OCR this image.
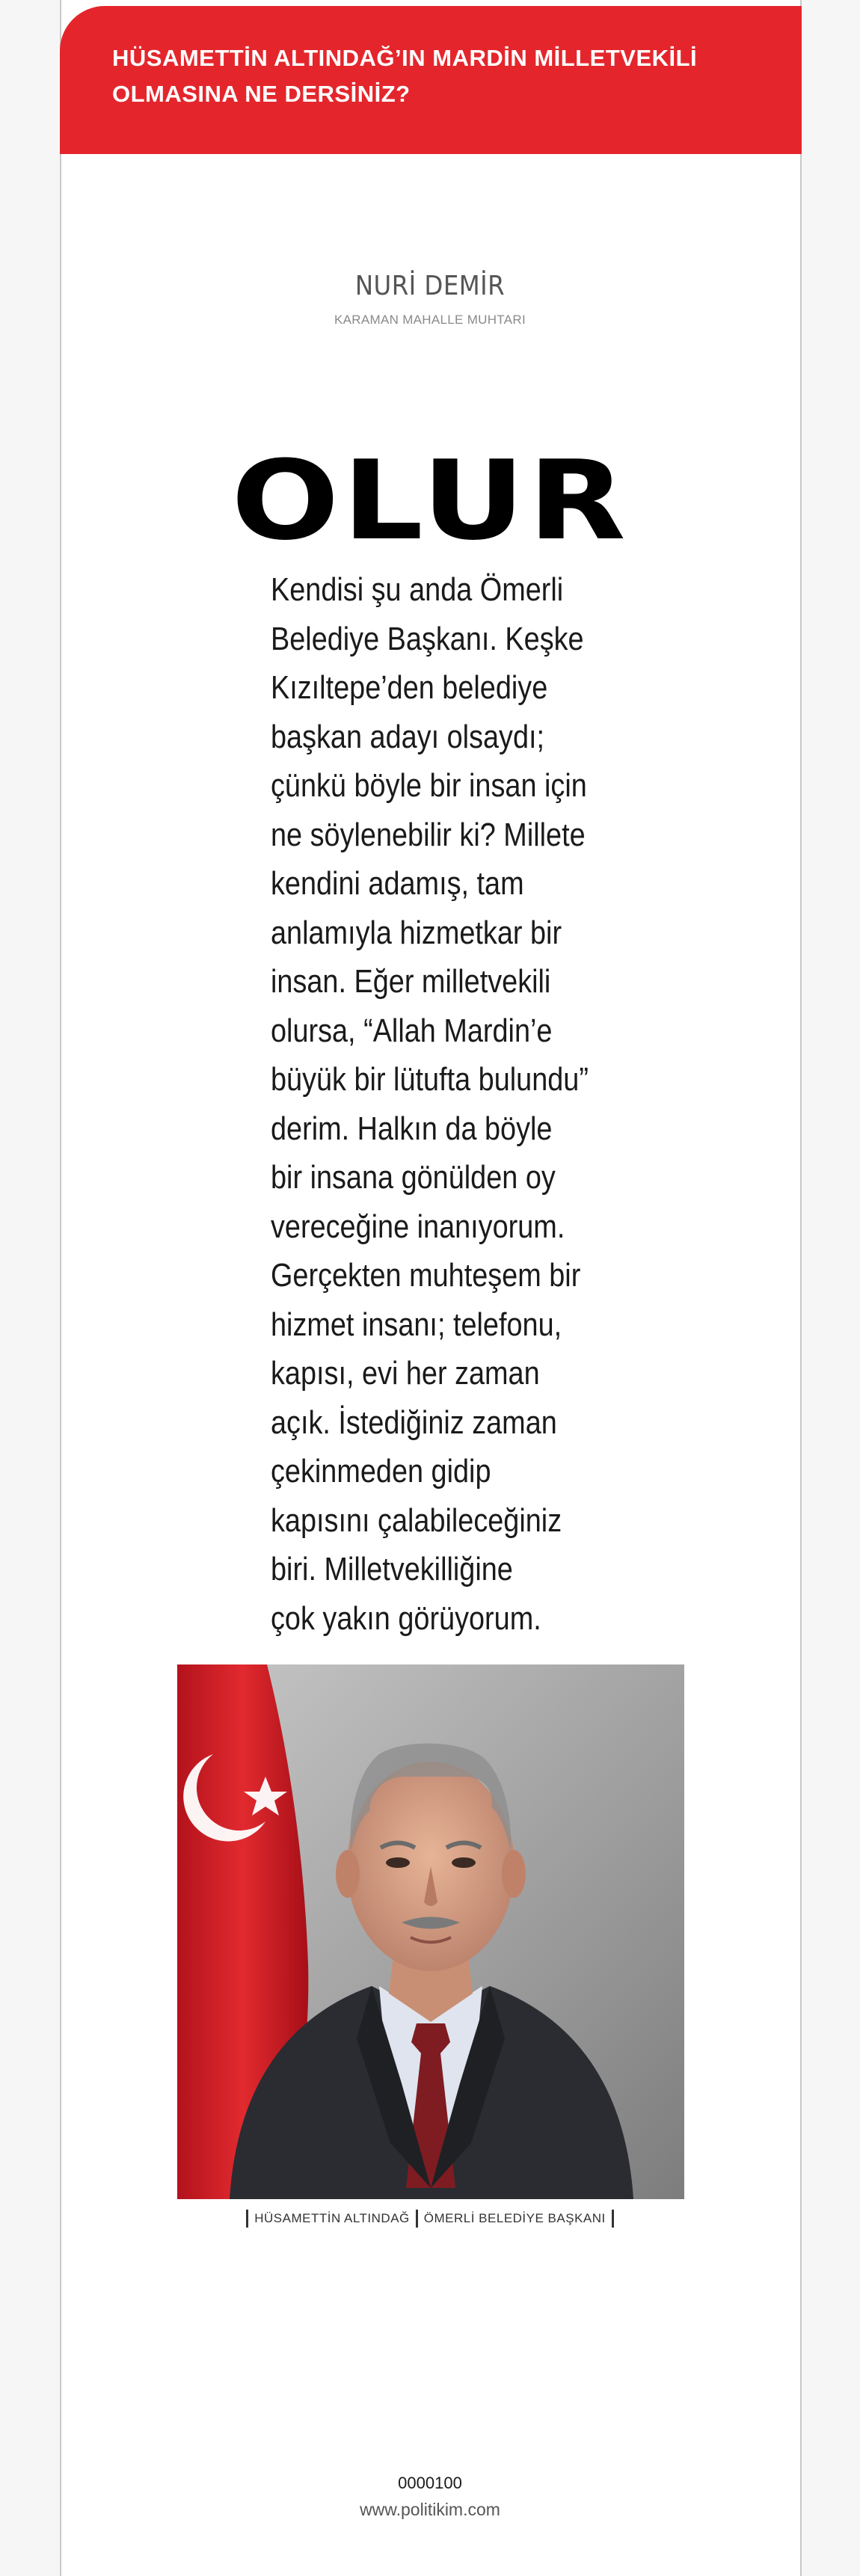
HÜSAMETTİN ALTINDAĞ’IN MARDİN MİLLETVEKİLİ OLMASINA NE DERSİNİZ?
NURİ DEMİR
KARAMAN MAHALLE MUHTARI
OLUR

Kendisi şu anda Ömerli
Belediye Başkanı. Keşke
Kızıltepe’den belediye
başkan adayı olsaydı;
çünkü böyle bir insan için
ne söylenebilir ki? Millete
kendini adamış, tam
anlamıyla hizmetkar bir
insan. Eğer milletvekili
olursa, “Allah Mardin’e
büyük bir lütufta bulundu”
derim. Halkın da böyle
bir insana gönülden oy
vereceğine inanıyorum.
Gerçekten muhteşem bir
hizmet insanı; telefonu,
kapısı, evi her zaman
açık. İstediğiniz zaman
çekinmeden gidip
kapısını çalabileceğiniz
biri. Milletvekilliğine
çok yakın görüyorum.

HÜSAMETTİN ALTINDAĞ ÖMERLİ BELEDİYE BAŞKANI
0000100
www.politikim.com
